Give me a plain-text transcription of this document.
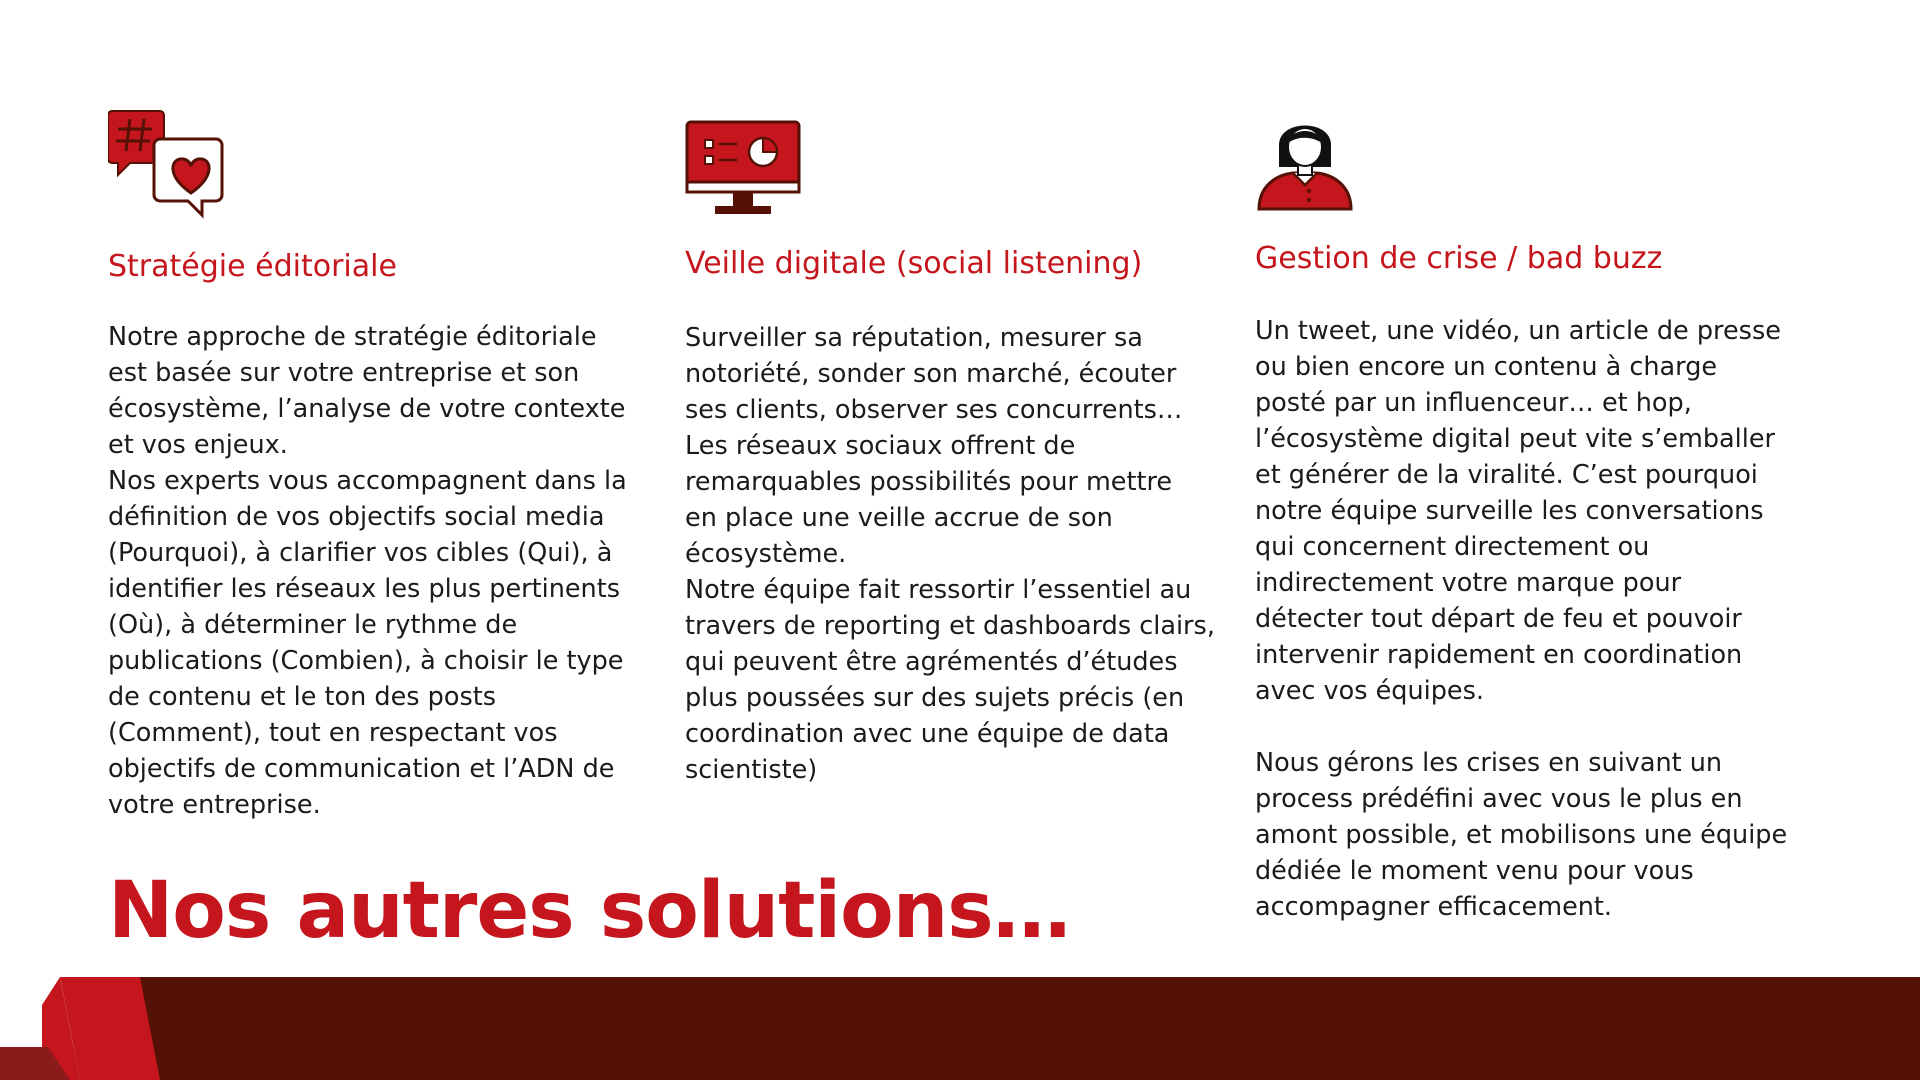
Stratégie éditoriale

Notre approche de stratégie éditoriale
est basée sur votre entreprise et son
écosystème, l’analyse de votre contexte
et vos enjeux.
Nos experts vous accompagnent dans la
définition de vos objectifs social media
(Pourquoi), à clarifier vos cibles (Qui), à
identifier les réseaux les plus pertinents
(Où), à déterminer le rythme de
publications (Combien), à choisir le type
de contenu et le ton des posts
(Comment), tout en respectant vos
objectifs de communication et l’ADN de
votre entreprise.

Veille digitale (social listening)

Surveiller sa réputation, mesurer sa
notoriété, sonder son marché, écouter
ses clients, observer ses concurrents…
Les réseaux sociaux offrent de
remarquables possibilités pour mettre
en place une veille accrue de son
écosystème.
Notre équipe fait ressortir l’essentiel au
travers de reporting et dashboards clairs,
qui peuvent être agrémentés d’études
plus poussées sur des sujets précis (en
coordination avec une équipe de data
scientiste)

Gestion de crise / bad buzz

Un tweet, une vidéo, un article de presse
ou bien encore un contenu à charge
posté par un influenceur… et hop,
l’écosystème digital peut vite s’emballer
et générer de la viralité. C’est pourquoi
notre équipe surveille les conversations
qui concernent directement ou
indirectement votre marque pour
détecter tout départ de feu et pouvoir
intervenir rapidement en coordination
avec vos équipes.

Nous gérons les crises en suivant un
process prédéfini avec vous le plus en
amont possible, et mobilisons une équipe
dédiée le moment venu pour vous
accompagner efficacement.

Nos autres solutions…
